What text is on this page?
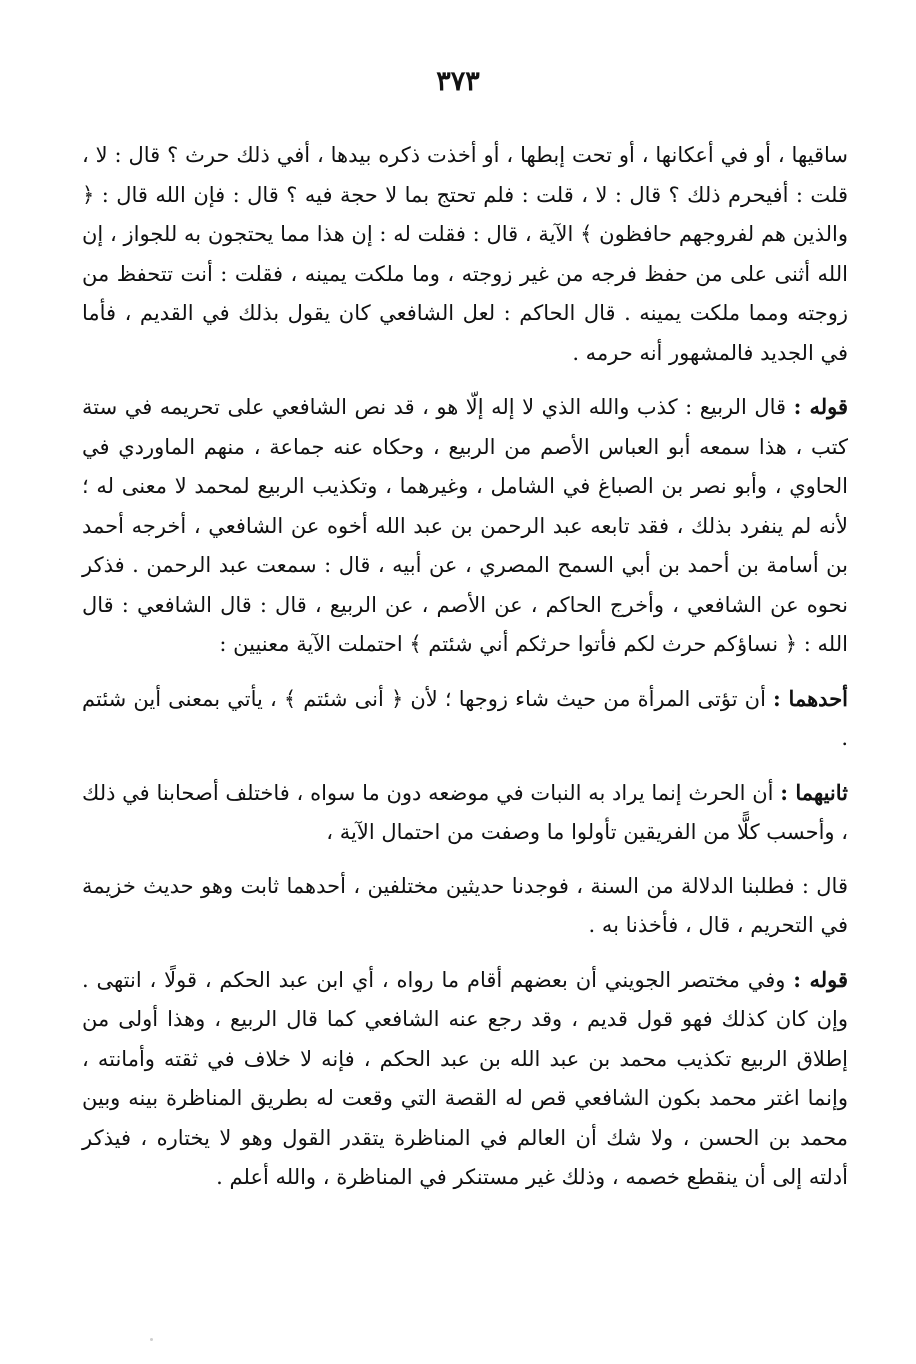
٣٧٣

ساقيها ، أو في أعكانها ، أو تحت إبطها ، أو أخذت ذكره بيدها ، أفي ذلك حرث ؟ قال : لا ، قلت : أفيحرم ذلك ؟ قال : لا ، قلت : فلم تحتج بما لا حجة فيه ؟ قال : فإن الله قال : ﴿ والذين هم لفروجهم حافظون ﴾ الآية ، قال : فقلت له : إن هذا مما يحتجون به للجواز ، إن الله أثنى على من حفظ فرجه من غير زوجته ، وما ملكت يمينه ، فقلت : أنت تتحفظ من زوجته ومما ملكت يمينه . قال الحاكم : لعل الشافعي كان يقول بذلك في القديم ، فأما في الجديد فالمشهور أنه حرمه .

قوله : قال الربيع : كذب والله الذي لا إله إلّا هو ، قد نص الشافعي على تحريمه في ستة كتب ، هذا سمعه أبو العباس الأصم من الربيع ، وحكاه عنه جماعة ، منهم الماوردي في الحاوي ، وأبو نصر بن الصباغ في الشامل ، وغيرهما ، وتكذيب الربيع لمحمد لا معنى له ؛ لأنه لم ينفرد بذلك ، فقد تابعه عبد الرحمن بن عبد الله أخوه عن الشافعي ، أخرجه أحمد بن أسامة بن أحمد بن أبي السمح المصري ، عن أبيه ، قال : سمعت عبد الرحمن . فذكر نحوه عن الشافعي ، وأخرج الحاكم ، عن الأصم ، عن الربيع ، قال : قال الشافعي : قال الله : ﴿ نساؤكم حرث لكم فأتوا حرثكم أني شئتم ﴾ احتملت الآية معنيين :

أحدهما : أن تؤتى المرأة من حيث شاء زوجها ؛ لأن ﴿ أنى شئتم ﴾ ، يأتي بمعنى أين شئتم .

ثانيهما : أن الحرث إنما يراد به النبات في موضعه دون ما سواه ، فاختلف أصحابنا في ذلك ، وأحسب كلًّا من الفريقين تأولوا ما وصفت من احتمال الآية ،

قال : فطلبنا الدلالة من السنة ، فوجدنا حديثين مختلفين ، أحدهما ثابت وهو حديث خزيمة في التحريم ، قال ، فأخذنا به .

قوله : وفي مختصر الجويني أن بعضهم أقام ما رواه ، أي ابن عبد الحكم ، قولًا ، انتهى . وإن كان كذلك فهو قول قديم ، وقد رجع عنه الشافعي كما قال الربيع ، وهذا أولى من إطلاق الربيع تكذيب محمد بن عبد الله بن عبد الحكم ، فإنه لا خلاف في ثقته وأمانته ، وإنما اغتر محمد بكون الشافعي قص له القصة التي وقعت له بطريق المناظرة بينه وبين محمد بن الحسن ، ولا شك أن العالم في المناظرة يتقدر القول وهو لا يختاره ، فيذكر أدلته إلى أن ينقطع خصمه ، وذلك غير مستنكر في المناظرة ، والله أعلم .
